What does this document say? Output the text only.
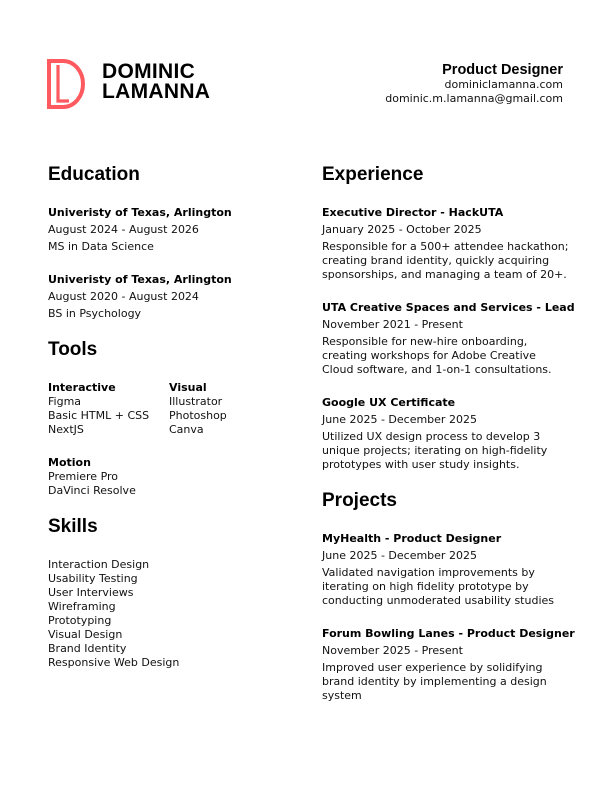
DOMINIC
LAMANNA
Product Designer
dominiclamanna.com
dominic.m.lamanna@gmail.com
Education
Univeristy of Texas, Arlington
August 2024 - August 2026
MS in Data Science
Univeristy of Texas, Arlington
August 2020 - August 2024
BS in Psychology
Tools
Interactive
Figma
Basic HTML + CSS
NextJS
Visual
Illustrator
Photoshop
Canva
Motion
Premiere Pro
DaVinci Resolve
Skills
Interaction Design
Usability Testing
User Interviews
Wireframing
Prototyping
Visual Design
Brand Identity
Responsive Web Design
Experience
Executive Director - HackUTA
January 2025 - October 2025
Responsible for a 500+ attendee hackathon;
creating brand identity, quickly acquiring
sponsorships, and managing a team of 20+.
UTA Creative Spaces and Services - Lead
November 2021 - Present
Responsible for new-hire onboarding,
creating workshops for Adobe Creative
Cloud software, and 1-on-1 consultations.
Google UX Certificate
June 2025 - December 2025
Utilized UX design process to develop 3
unique projects; iterating on high-fidelity
prototypes with user study insights.
Projects
MyHealth - Product Designer
June 2025 - December 2025
Validated navigation improvements by
iterating on high fidelity prototype by
conducting unmoderated usability studies
Forum Bowling Lanes - Product Designer
November 2025 - Present
Improved user experience by solidifying
brand identity by implementing a design
system
